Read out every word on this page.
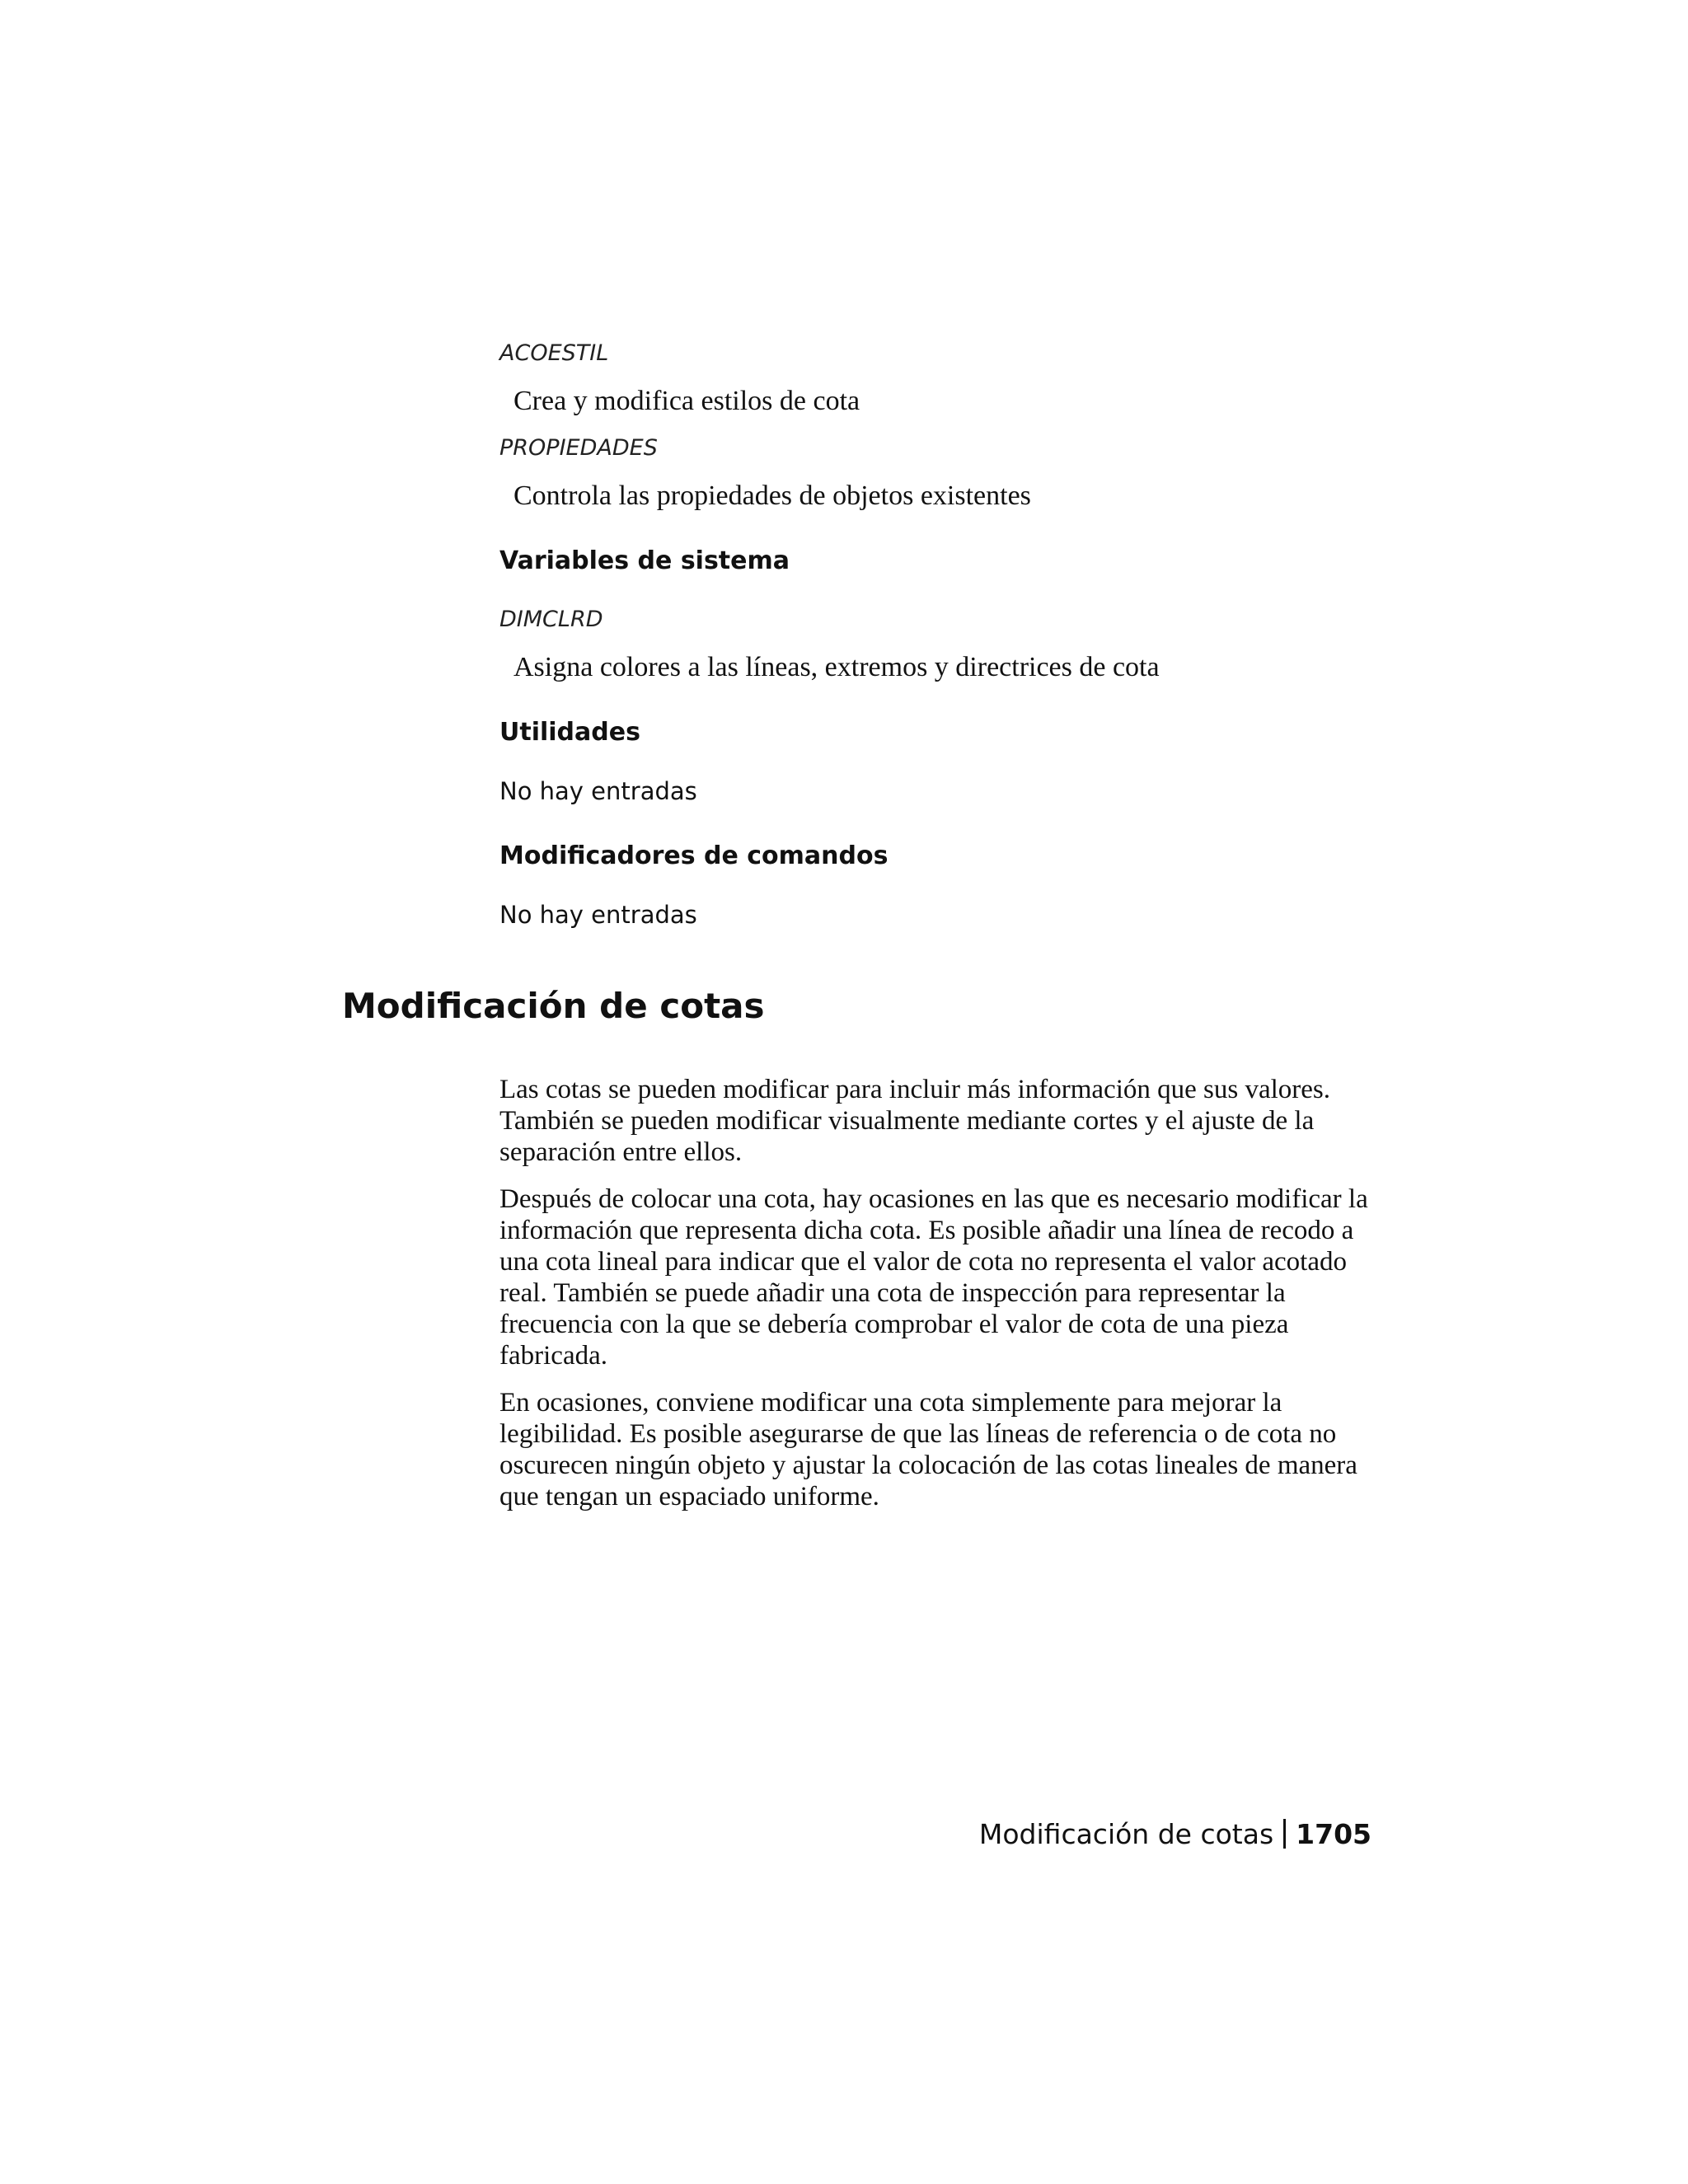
ACOESTIL
Crea y modifica estilos de cota
PROPIEDADES
Controla las propiedades de objetos existentes
Variables de sistema
DIMCLRD
Asigna colores a las líneas, extremos y directrices de cota
Utilidades
No hay entradas
Modificadores de comandos
No hay entradas
Modificación de cotas

Las cotas se pueden modificar para incluir más información que sus valores. También se pueden modificar visualmente mediante cortes y el ajuste de la separación entre ellos.

Después de colocar una cota, hay ocasiones en las que es necesario modificar la información que representa dicha cota. Es posible añadir una línea de recodo a una cota lineal para indicar que el valor de cota no representa el valor acotado real. También se puede añadir una cota de inspección para representar la frecuencia con la que se debería comprobar el valor de cota de una pieza fabricada.

En ocasiones, conviene modificar una cota simplemente para mejorar la legibilidad. Es posible asegurarse de que las líneas de referencia o de cota no oscurecen ningún objeto y ajustar la colocación de las cotas lineales de manera que tengan un espaciado uniforme.

Modificación de cotas 1705
